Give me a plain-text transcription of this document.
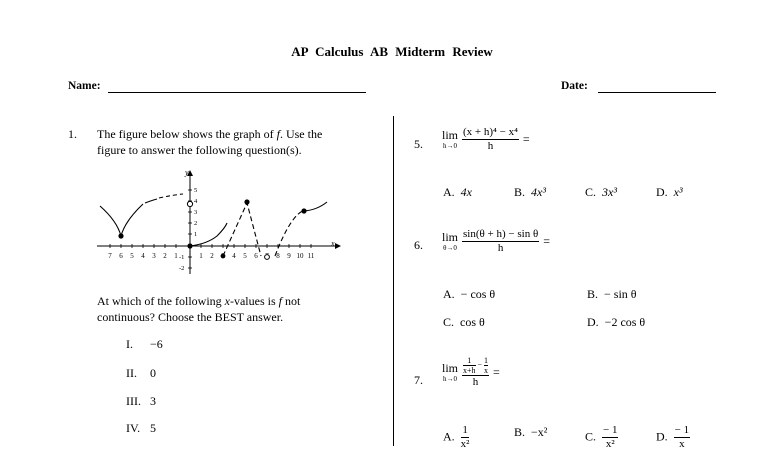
AP Calculus AB Midterm Review
Name:	Date:
1. The figure below shows the graph of f. Use the
figure to answer the following question(s).
y
x
7 6 5 4 3 2 1	1 2	4 5 6	8 9 10 11
5
4
3
2
1
-1
-2
At which of the following x-values is f not
continuous? Choose the BEST answer.
I. −6
II. 0
III. 3
IV. 5
5.
lim
h→0
$\frac{\text{(x + h)⁴ − x⁴}}{h}$ =
A. 4x	B. 4x³	C. 3x³	D. x³
6.
lim
θ→0
$\frac{\text{sin(θ + h) − sin θ}}{h}$ =
A. − cos θ	B. − sin θ
C. cos θ	D. −2 cos θ
7.
lim
h→0
$\frac{\frac{1}{x+h} - \frac{1}{x}}{h}$ =
A. $\frac{1}{\text{x²}}$	B. −x²	C. $\frac{- 1}{\text{x²}}$	D. $\frac{- 1}{x}$
